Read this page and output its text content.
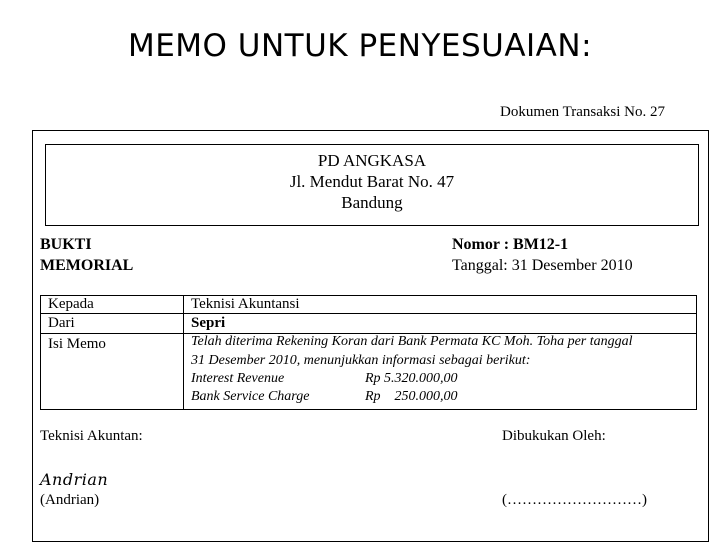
MEMO UNTUK PENYESUAIAN:
Dokumen Transaksi No. 27
PD ANGKASA
Jl. Mendut Barat No. 47
Bandung
BUKTI
MEMORIAL
Nomor : BM12-1
Tanggal: 31 Desember 2010
Kepada	Teknisi Akuntansi
Dari	Sepri
Isi Memo	Telah diterima Rekening Koran dari Bank Permata KC Moh. Toha per tanggal
31 Desember 2010, menunjukkan informasi sebagai berikut:
Interest Revenue	Rp 5.320.000,00
Bank Service Charge	Rp    250.000,00
Teknisi Akuntan:	Dibukukan Oleh:
Andrian
(Andrian)	(………………………)
